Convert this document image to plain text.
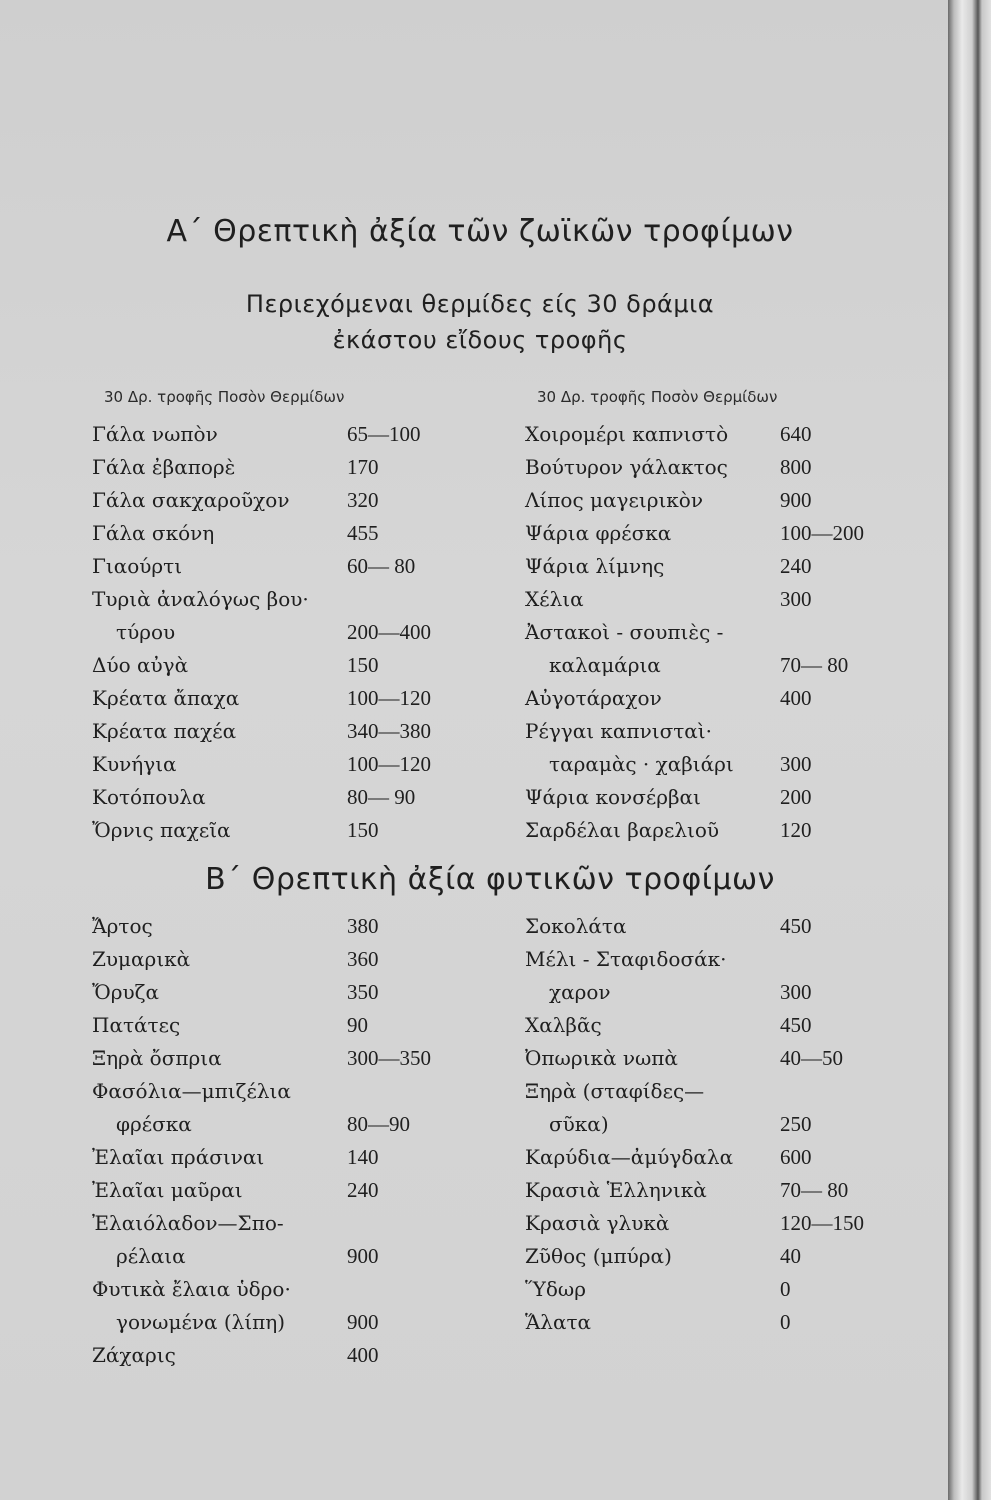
Α΄ Θρεπτικὴ ἀξία τῶν ζωϊκῶν τροφίμων
Περιεχόμεναι θερμίδες είς 30 δράμια
ἐκάστου εἴδους τροφῆς
30 Δρ. τροφῆς Ποσὸν Θερμίδων	30 Δρ. τροφῆς Ποσὸν Θερμίδων
Γάλα νωπὸν	65—100
Γάλα ἐβαπορὲ	170
Γάλα σακχαροῦχον	320
Γάλα σκόνη	455
Γιαούρτι	60— 80
Τυριὰ ἀναλόγως βου·
τύρου	200—400
Δύο αὐγὰ	150
Κρέατα ἄπαχα	100—120
Κρέατα παχέα	340—380
Κυνήγια	100—120
Κοτόπουλα	80— 90
Ὄρνις παχεῖα	150
Χοιρομέρι καπνιστὸ 640
Βούτυρον γάλακτος 800
Λίπος μαγειρικὸν	900
Ψάρια φρέσκα	100—200
Ψάρια λίμνης	240
Χέλια	300
Ἀστακοὶ - σουπιὲς -
καλαμάρια	70— 80
Αὐγοτάραχον	400
Ρέγγαι καπνισταὶ·
ταραμὰς · χαβιάρι 300
Ψάρια κονσέρβαι	200
Σαρδέλαι βαρελιοῦ	120
Β΄ Θρεπτικὴ ἀξία φυτικῶν τροφίμων
Ἄρτος	380
Ζυμαρικὰ	360
Ὄρυζα	350
Πατάτες	90
Ξηρὰ ὄσπρια	300—350
Φασόλια—μπιζέλια
φρέσκα	80—90
Ἐλαῖαι πράσιναι	140
Ἐλαῖαι μαῦραι	240
Ἐλαιόλαδον—Σπο-
ρέλαια	900
Φυτικὰ ἔλαια ὑδρο·
γονωμένα (λίπη)	900
Ζάχαρις	400
Σοκολάτα	450
Μέλι - Σταφιδοσάκ·
χαρον	300
Χαλβᾶς	450
Ὀπωρικὰ νωπὰ	40—50
Ξηρὰ (σταφίδες—
σῦκα)	250
Καρύδια—ἀμύγδαλα 600
Κρασιὰ Ἑλληνικὰ	70— 80
Κρασιὰ γλυκὰ	120—150
Ζῦθος (μπύρα)	40
Ὕδωρ	0
Ἅλατα	0
